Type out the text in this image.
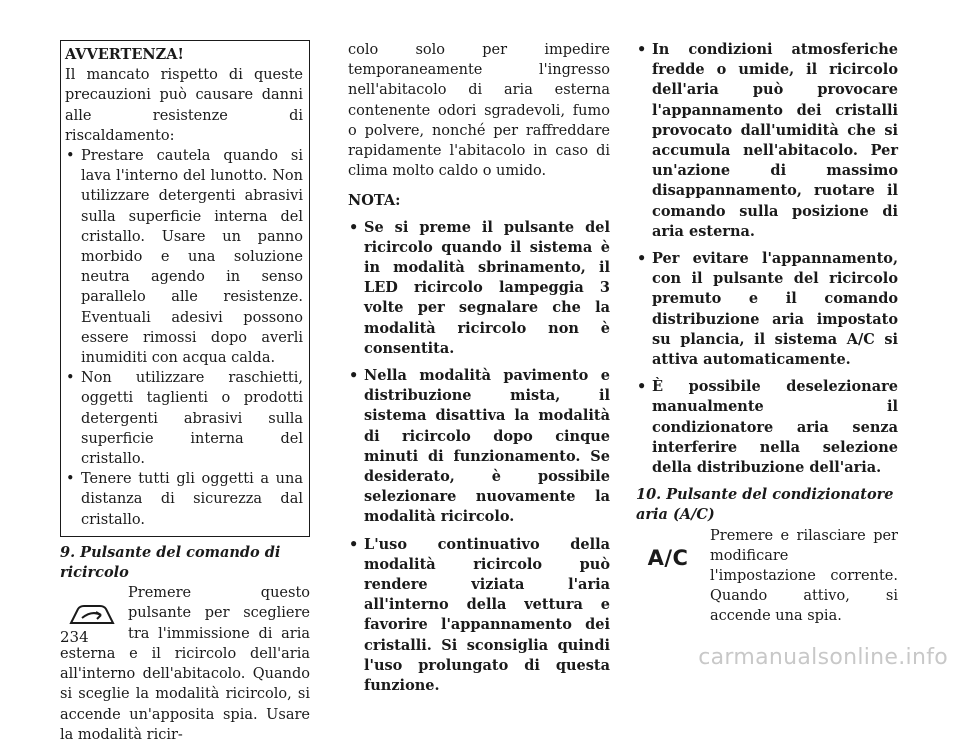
AVVERTENZA!

Il mancato rispetto di queste precauzioni può causare danni alle resistenze di riscaldamento:

• Prestare cautela quando si lava l'interno del lunotto. Non utilizzare detergenti abrasivi sulla superficie interna del cristallo. Usare un panno morbido e una soluzione neutra agendo in senso parallelo alle resistenze. Eventuali adesivi possono essere rimossi dopo averli inumiditi con acqua calda.
• Non utilizzare raschietti, oggetti taglienti o prodotti detergenti abrasivi sulla superficie interna del cristallo.
• Tenere tutti gli oggetti a una distanza di sicurezza dal cristallo.
9. Pulsante del comando di ricircolo

Premere questo pulsante per scegliere tra l'immissione di aria esterna e il ricircolo dell'aria all'interno dell'abitacolo. Quando si sceglie la modalità ricircolo, si accende un'apposita spia. Usare la modalità ricir-

colo solo per impedire temporaneamente l'ingresso nell'abitacolo di aria esterna contenente odori sgradevoli, fumo o polvere, nonché per raffreddare rapidamente l'abitacolo in caso di clima molto caldo o umido.

NOTA:
• Se si preme il pulsante del ricircolo quando il sistema è in modalità sbrinamento, il LED ricircolo lampeggia 3 volte per segnalare che la modalità ricircolo non è consentita.
• Nella modalità pavimento e distribuzione mista, il sistema disattiva la modalità di ricircolo dopo cinque minuti di funzionamento. Se desiderato, è possibile selezionare nuovamente la modalità ricircolo.
• L'uso continuativo della modalità ricircolo può rendere viziata l'aria all'interno della vettura e favorire l'appannamento dei cristalli. Si sconsiglia quindi l'uso prolungato di questa funzione.
• In condizioni atmosferiche fredde o umide, il ricircolo dell'aria può provocare l'appannamento dei cristalli provocato dall'umidità che si accumula nell'abitacolo. Per un'azione di massimo disappannamento, ruotare il comando sulla posizione di aria esterna.
• Per evitare l'appannamento, con il pulsante del ricircolo premuto e il comando distribuzione aria impostato su plancia, il sistema A/C si attiva automaticamente.
• È possibile deselezionare manualmente il condizionatore aria senza interferire nella selezione della distribuzione dell'aria.
10. Pulsante del condizionatore aria (A/C)
A/C

Premere e rilasciare per modificare l'impostazione corrente. Quando attivo, si accende una spia.

234
carmanualsonline.info
